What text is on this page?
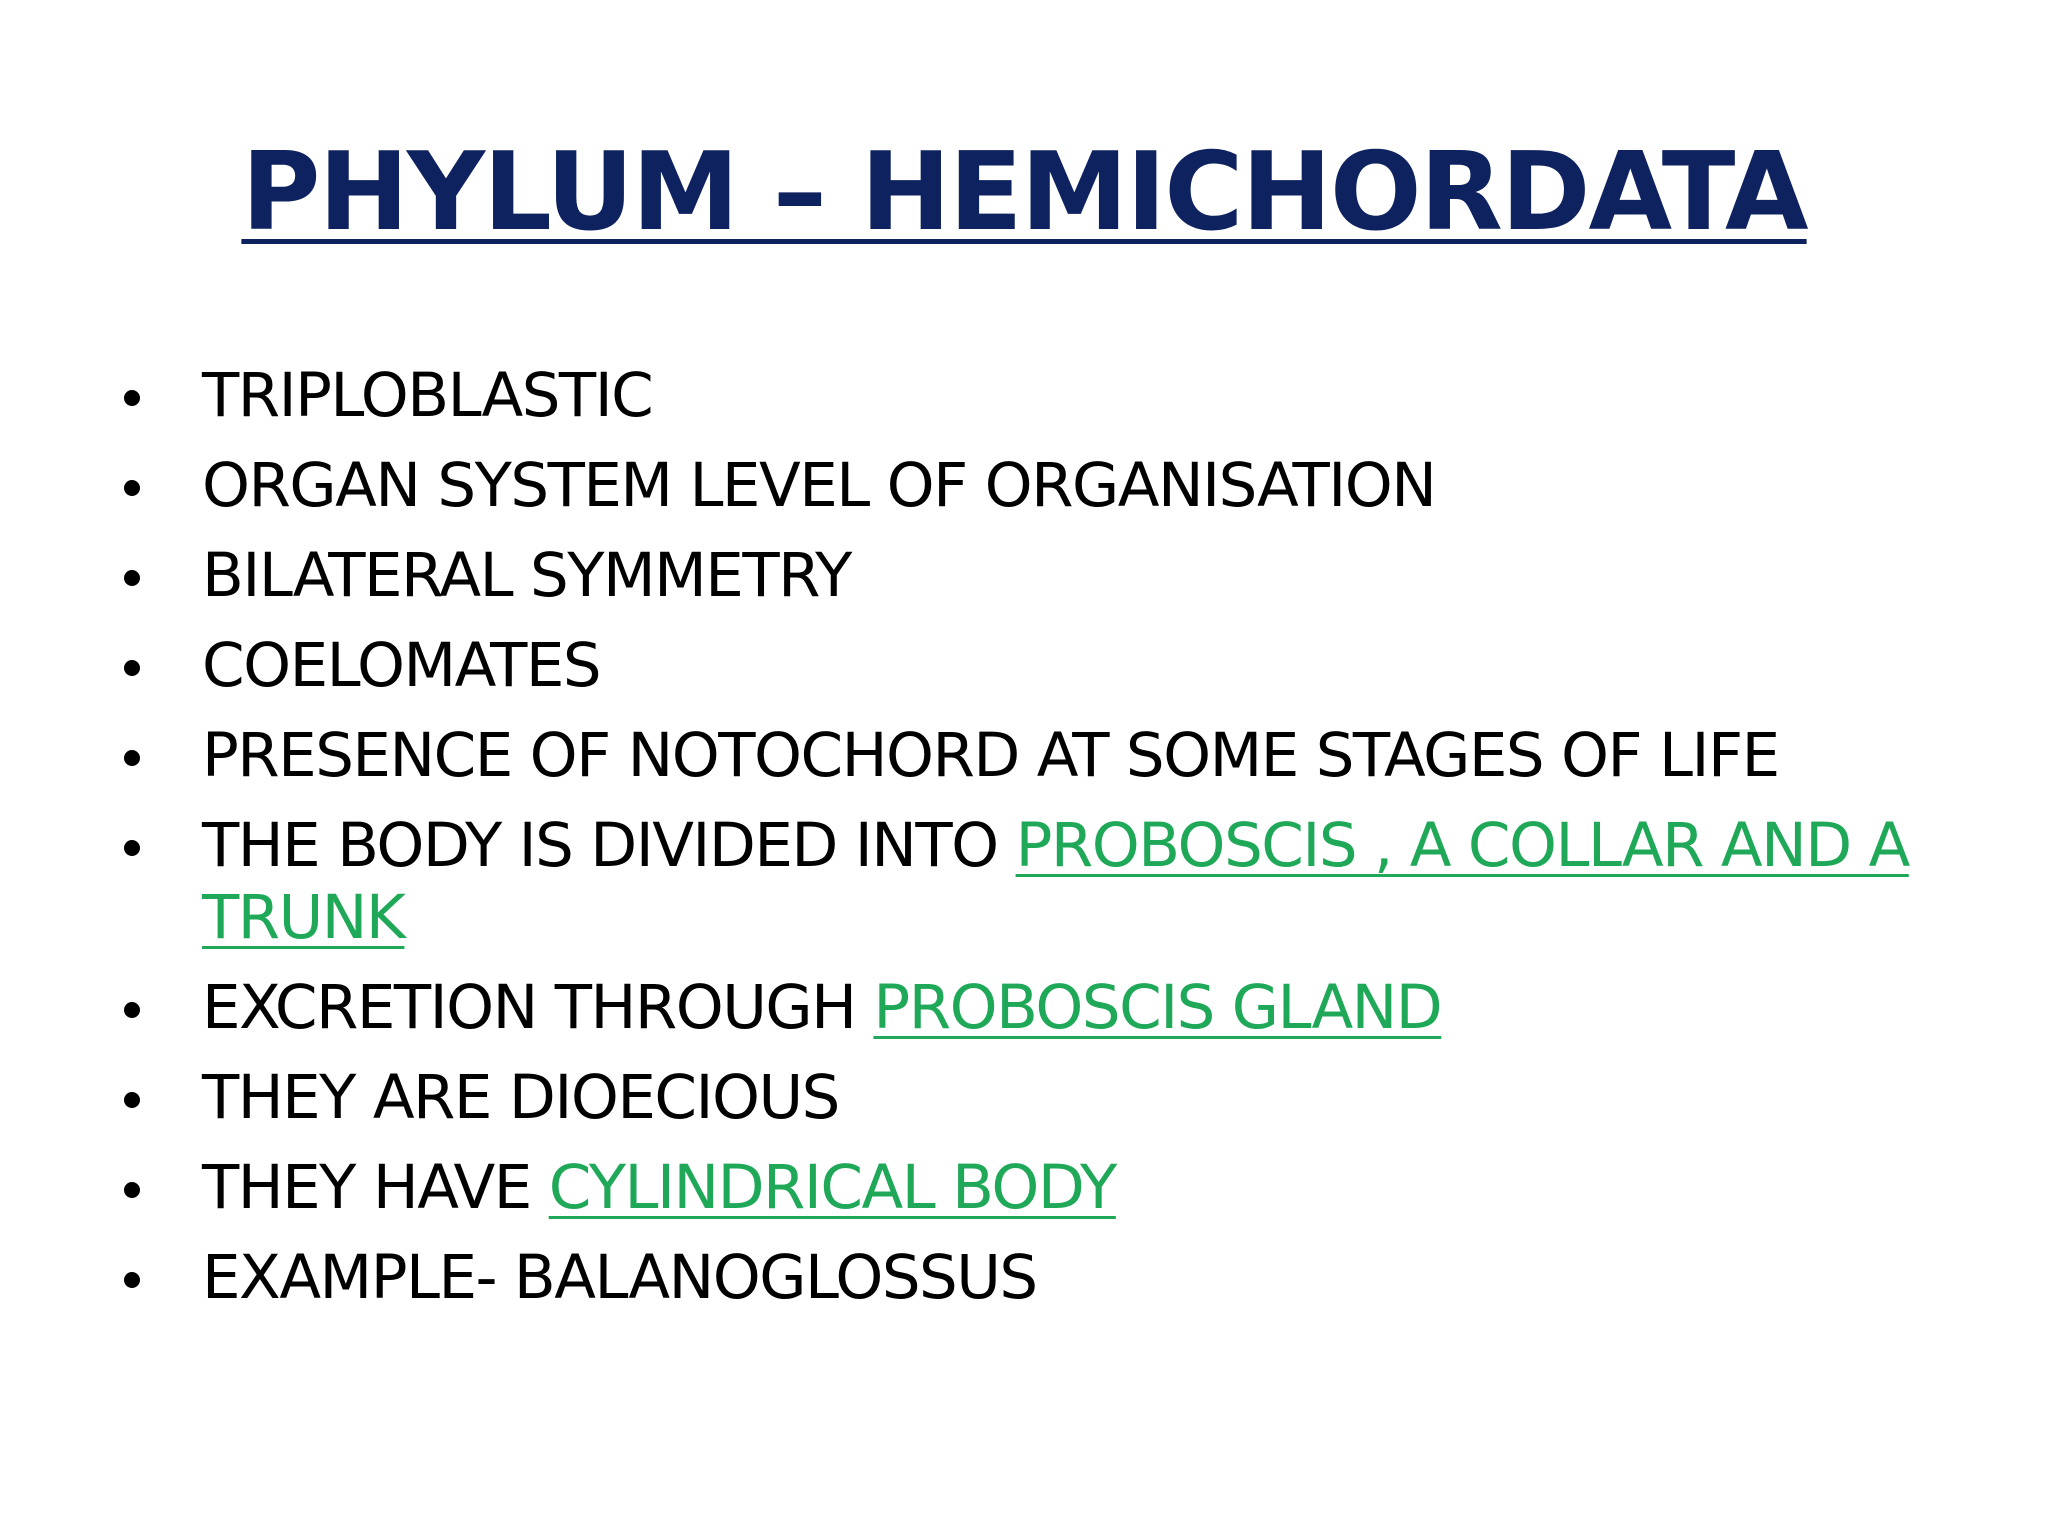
PHYLUM – HEMICHORDATA
TRIPLOBLASTIC
ORGAN SYSTEM LEVEL OF ORGANISATION
BILATERAL SYMMETRY
COELOMATES
PRESENCE OF NOTOCHORD AT SOME STAGES OF LIFE
THE BODY IS DIVIDED INTO PROBOSCIS , A COLLAR AND A TRUNK
EXCRETION THROUGH PROBOSCIS GLAND
THEY ARE DIOECIOUS
THEY HAVE CYLINDRICAL BODY
EXAMPLE- BALANOGLOSSUS
